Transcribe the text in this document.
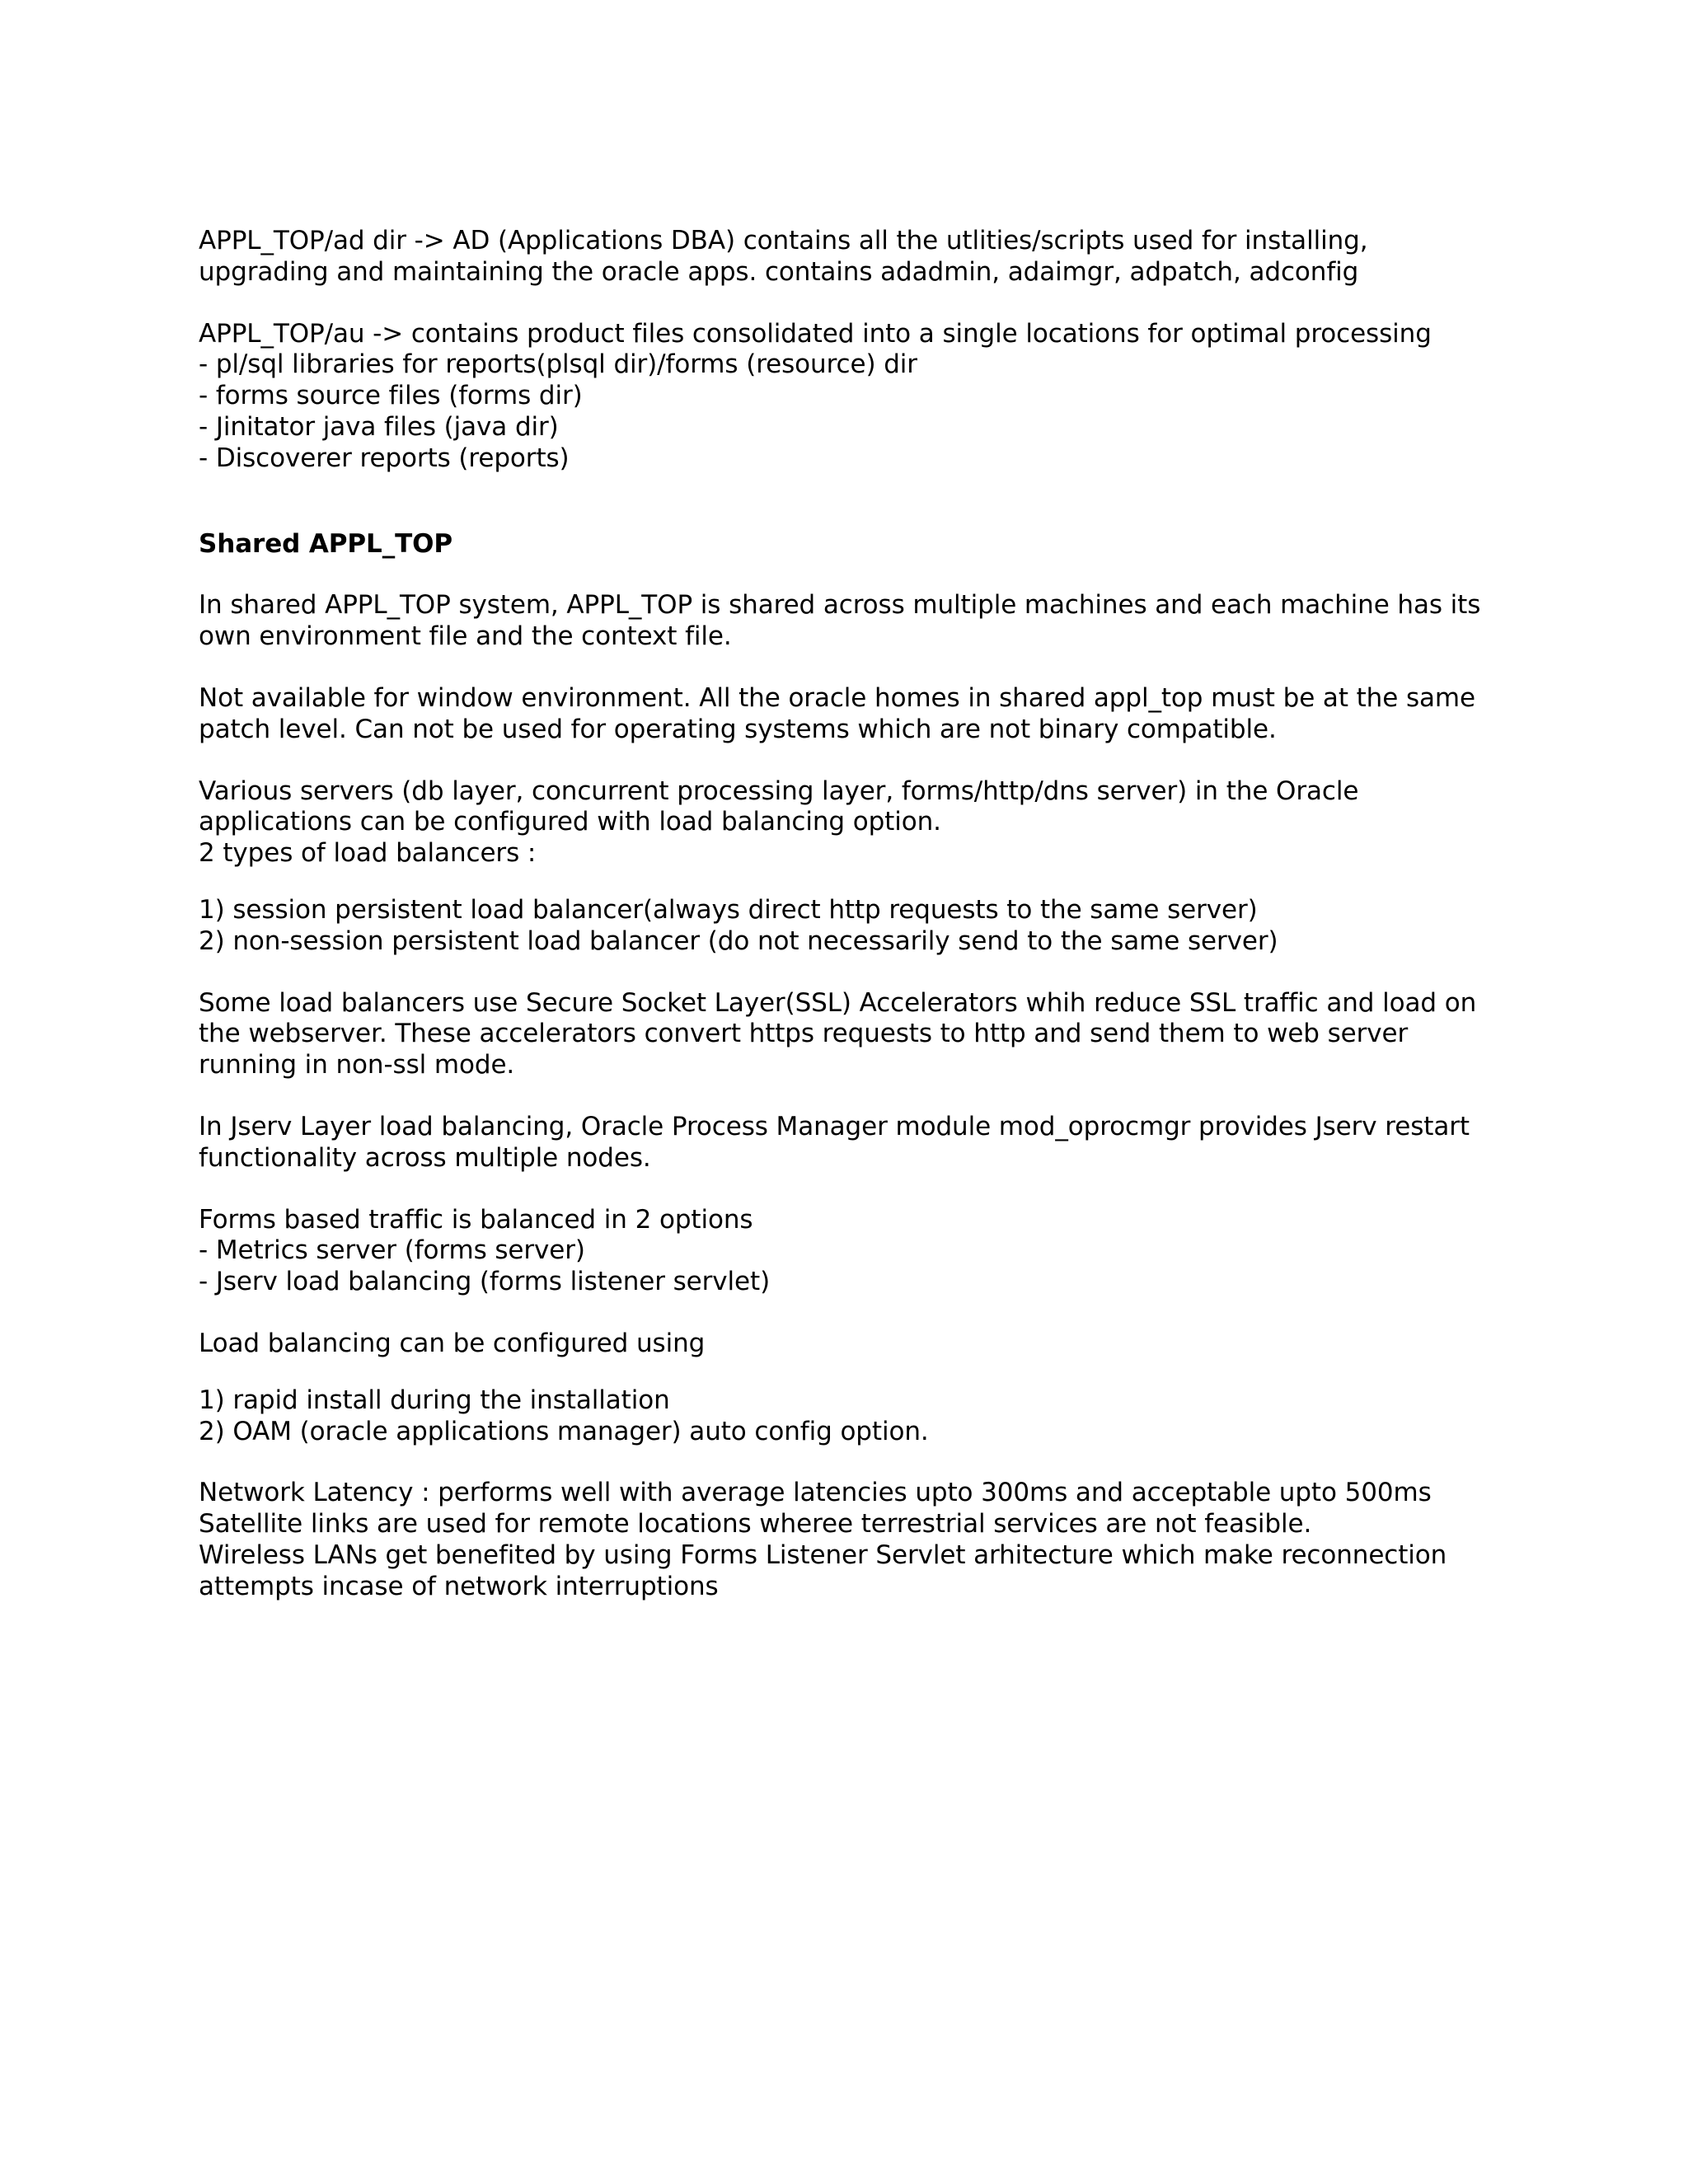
APPL_TOP/ad dir -> AD (Applications DBA) contains all the utlities/scripts used for installing,
upgrading and maintaining the oracle apps. contains adadmin, adaimgr, adpatch, adconfig

APPL_TOP/au -> contains product files consolidated into a single locations for optimal processing
- pl/sql libraries for reports(plsql dir)/forms (resource) dir
- forms source files (forms dir)
- Jinitator java files (java dir)
- Discoverer reports (reports)

Shared APPL_TOP

In shared APPL_TOP system, APPL_TOP is shared across multiple machines and each machine has its
own environment file and the context file.

Not available for window environment. All the oracle homes in shared appl_top must be at the same
patch level. Can not be used for operating systems which are not binary compatible.

Various servers (db layer, concurrent processing layer, forms/http/dns server) in the Oracle
applications can be configured with load balancing option.
2 types of load balancers :

1) session persistent load balancer(always direct http requests to the same server)
2) non-session persistent load balancer (do not necessarily send to the same server)

Some load balancers use Secure Socket Layer(SSL) Accelerators whih reduce SSL traffic and load on
the webserver. These accelerators convert https requests to http and send them to web server
running in non-ssl mode.

In Jserv Layer load balancing, Oracle Process Manager module mod_oprocmgr provides Jserv restart
functionality across multiple nodes.

Forms based traffic is balanced in 2 options
- Metrics server (forms server)
- Jserv load balancing (forms listener servlet)

Load balancing can be configured using

1) rapid install during the installation
2) OAM (oracle applications manager) auto config option.

Network Latency : performs well with average latencies upto 300ms and acceptable upto 500ms
Satellite links are used for remote locations wheree terrestrial services are not feasible.
Wireless LANs get benefited by using Forms Listener Servlet arhitecture which make reconnection
attempts incase of network interruptions
